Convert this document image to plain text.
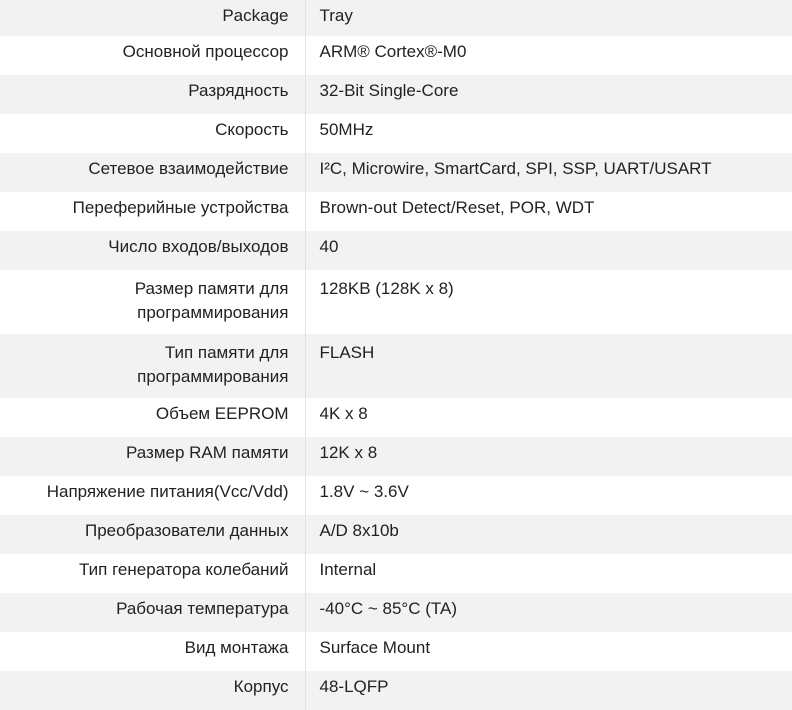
Package	Tray
Основной процессор	ARM® Cortex®-M0
Разрядность	32-Bit Single-Core
Скорость	50MHz
Сетевое взаимодействие	I²C, Microwire, SmartCard, SPI, SSP, UART/USART
Переферийные устройства	Brown-out Detect/Reset, POR, WDT
Число входов/выходов	40
Размер памяти для программирования	128KB (128K x 8)
Тип памяти для программирования	FLASH
Объем EEPROM	4K x 8
Размер RAM памяти	12K x 8
Напряжение питания(Vcc/Vdd)	1.8V ~ 3.6V
Преобразователи данных	A/D 8x10b
Тип генератора колебаний	Internal
Рабочая температура	-40°C ~ 85°C (TA)
Вид монтажа	Surface Mount
Корпус	48-LQFP
